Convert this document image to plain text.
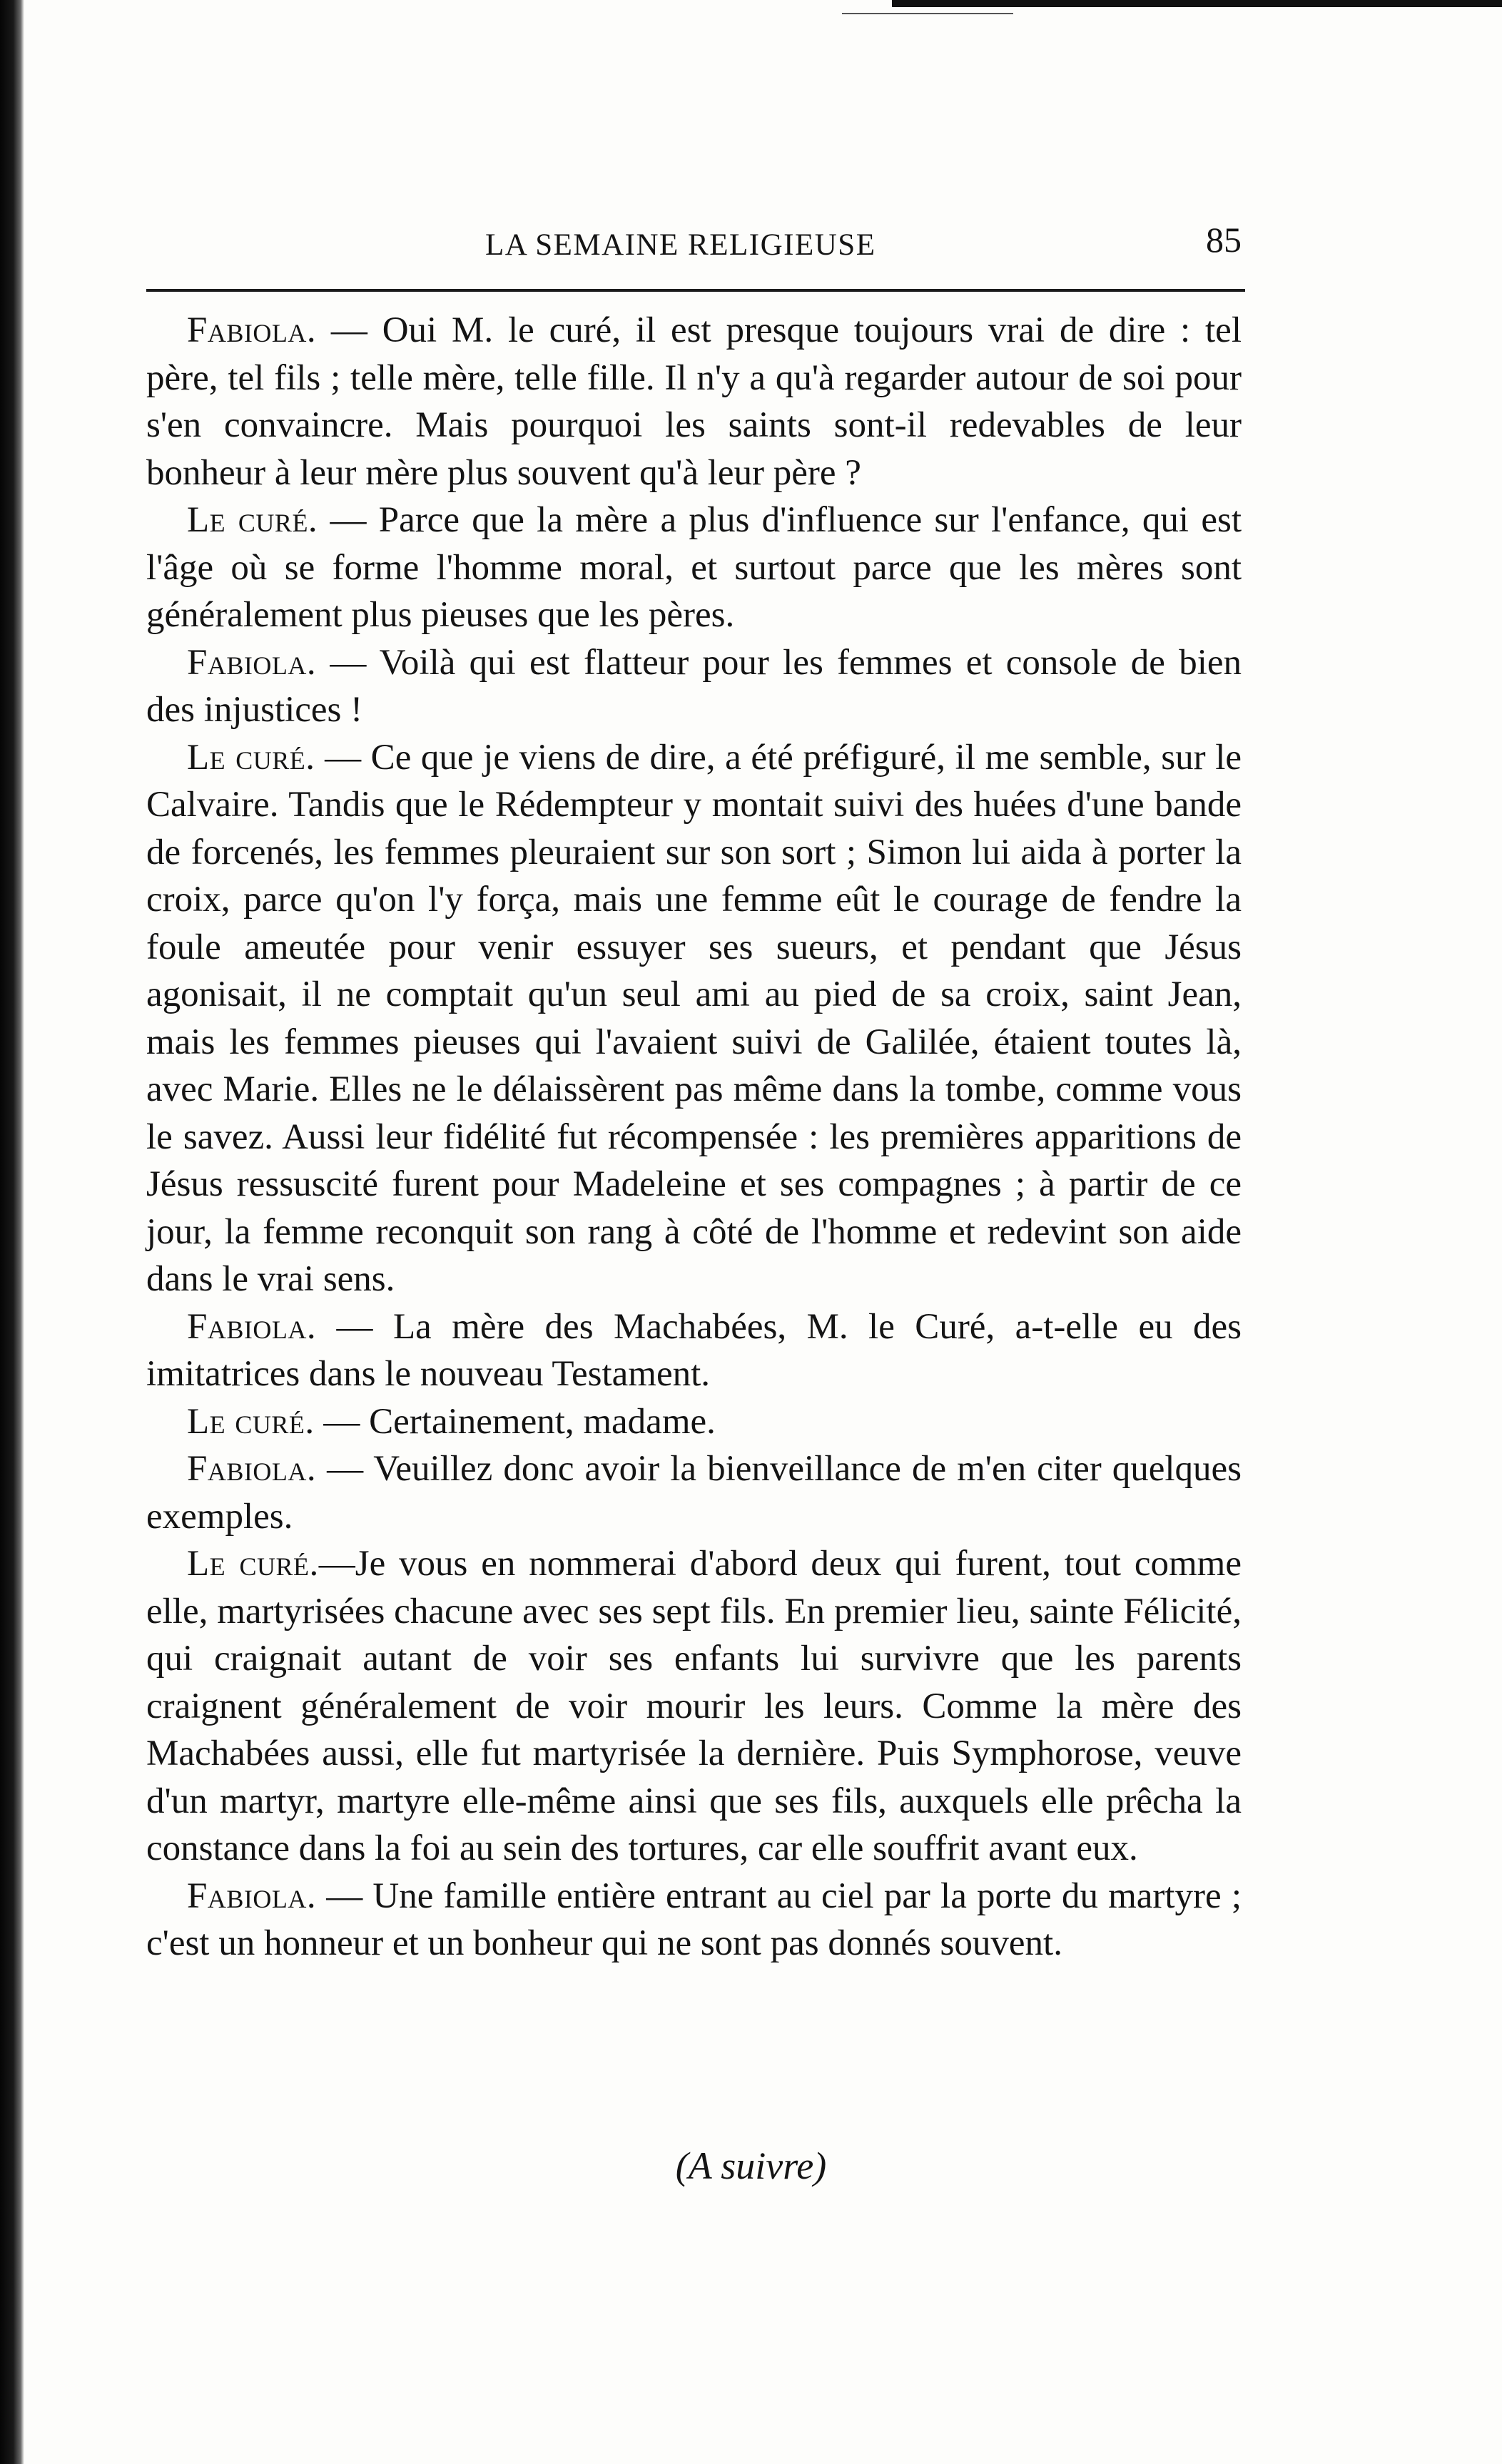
LA SEMAINE RELIGIEUSE	85

Fabiola. — Oui M. le curé, il est presque toujours vrai de dire : tel père, tel fils ; telle mère, telle fille. Il n'y a qu'à regarder autour de soi pour s'en convaincre. Mais pourquoi les saints sont-il redevables de leur bonheur à leur mère plus souvent qu'à leur père ?

Le curé. — Parce que la mère a plus d'influence sur l'enfance, qui est l'âge où se forme l'homme moral, et surtout parce que les mères sont généralement plus pieuses que les pères.

Fabiola. — Voilà qui est flatteur pour les femmes et console de bien des injustices !

Le curé. — Ce que je viens de dire, a été préfiguré, il me semble, sur le Calvaire. Tandis que le Rédempteur y montait suivi des huées d'une bande de forcenés, les femmes pleuraient sur son sort ; Simon lui aida à porter la croix, parce qu'on l'y força, mais une femme eût le courage de fendre la foule ameutée pour venir essuyer ses sueurs, et pendant que Jésus agonisait, il ne comptait qu'un seul ami au pied de sa croix, saint Jean, mais les femmes pieuses qui l'avaient suivi de Galilée, étaient toutes là, avec Marie. Elles ne le délaissèrent pas même dans la tombe, comme vous le savez. Aussi leur fidélité fut récompensée : les premières apparitions de Jésus ressuscité furent pour Madeleine et ses compagnes ; à partir de ce jour, la femme reconquit son rang à côté de l'homme et redevint son aide dans le vrai sens.

Fabiola. — La mère des Machabées, M. le Curé, a-t-elle eu des imitatrices dans le nouveau Testament.

Le curé. — Certainement, madame.

Fabiola. — Veuillez donc avoir la bienveillance de m'en citer quelques exemples.

Le curé.—Je vous en nommerai d'abord deux qui furent, tout comme elle, martyrisées chacune avec ses sept fils. En premier lieu, sainte Félicité, qui craignait autant de voir ses enfants lui survivre que les parents craignent généralement de voir mourir les leurs. Comme la mère des Machabées aussi, elle fut martyrisée la dernière. Puis Symphorose, veuve d'un martyr, martyre elle-même ainsi que ses fils, auxquels elle prêcha la constance dans la foi au sein des tortures, car elle souffrit avant eux.

Fabiola. — Une famille entière entrant au ciel par la porte du martyre ; c'est un honneur et un bonheur qui ne sont pas donnés souvent.

(A suivre)
